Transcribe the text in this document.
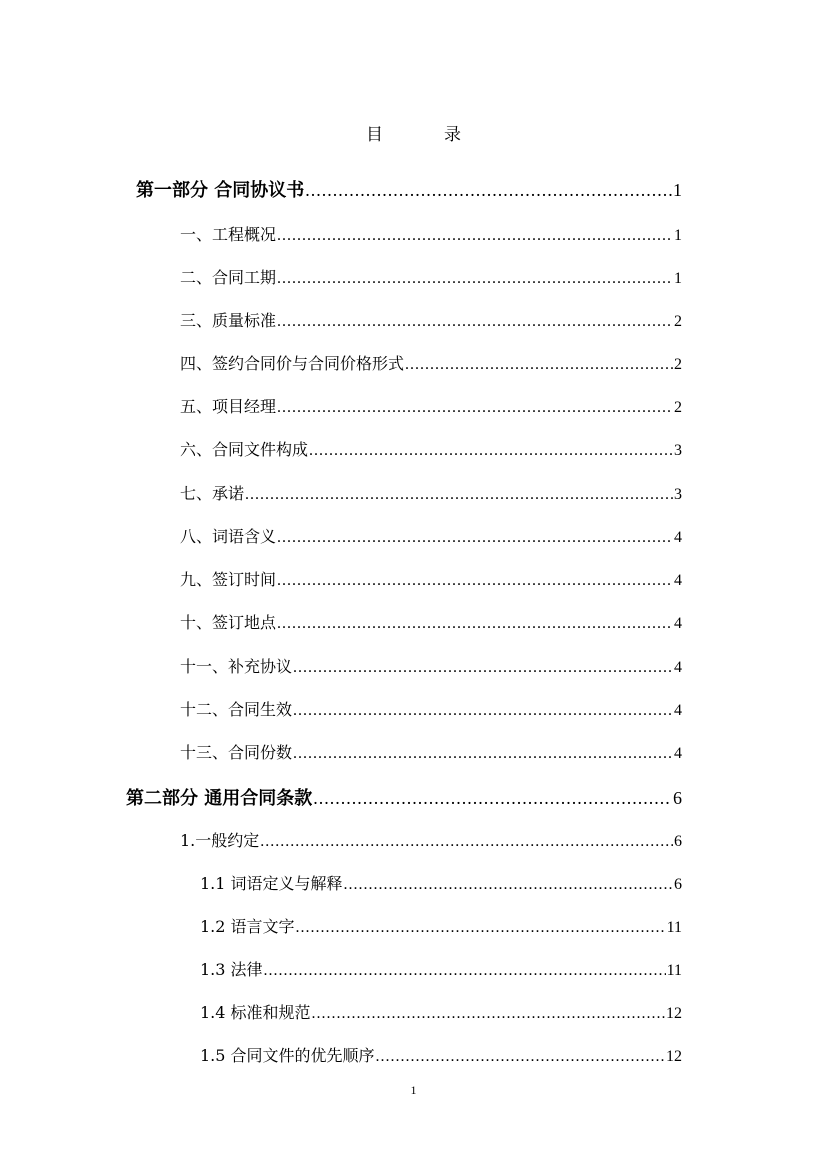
目　录
第一部分 合同协议书 .....	1
一、工程概况 .....	1
二、合同工期 .....	1
三、质量标准 .....	2
四、签约合同价与合同价格形式 .....	2
五、项目经理 .....	2
六、合同文件构成 .....	3
七、承诺 .....	3
八、词语含义 .....	4
九、签订时间 .....	4
十、签订地点 .....	4
十一、补充协议 .....	4
十二、合同生效 .....	4
十三、合同份数 .....	4
第二部分 通用合同条款 .....	6
1.一般约定 .....	6
1.1 词语定义与解释 .....	6
1.2 语言文字 .....	11
1.3 法律 .....	11
1.4 标准和规范 .....	12
1.5 合同文件的优先顺序 .....	12
1
